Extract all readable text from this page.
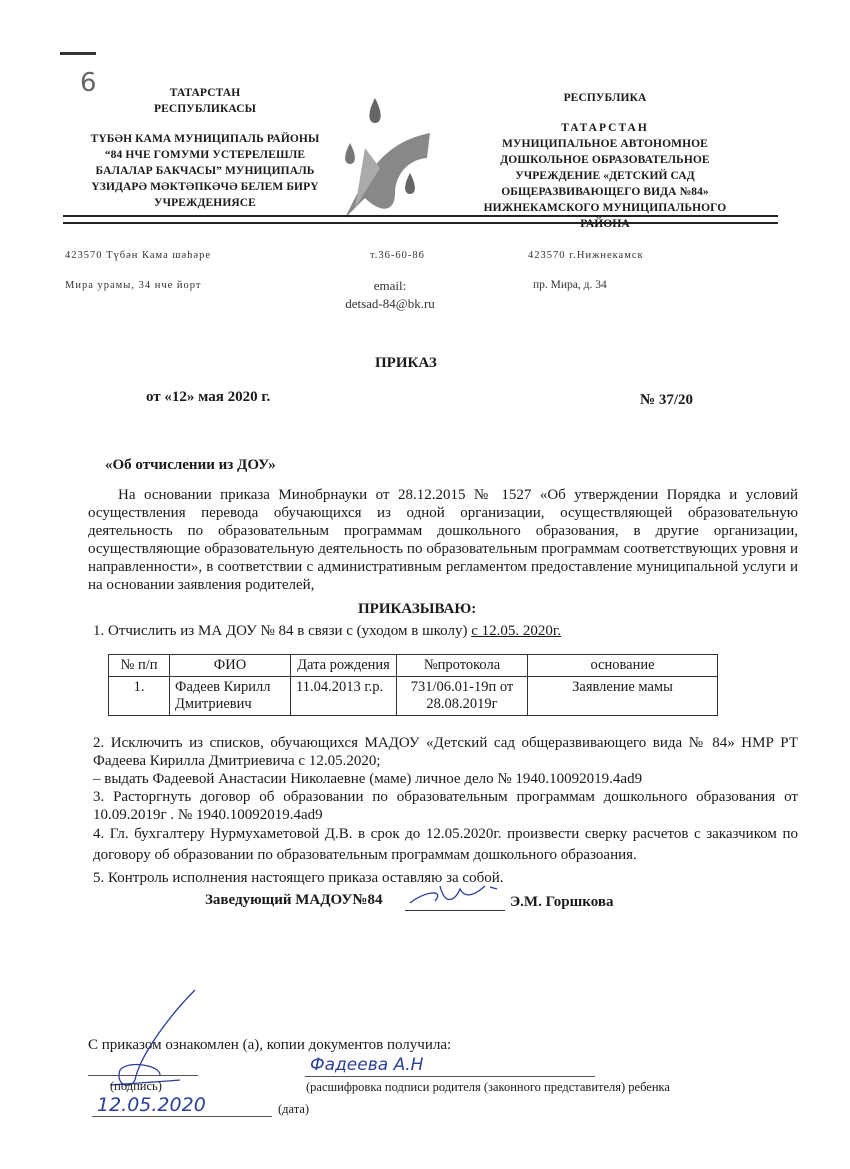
6	ТАТАРСТАН
РЕСПУБЛИКАСЫ
ТҮБӘН КАМА МУНИЦИПАЛЬ РАЙОНЫ
“84 НЧЕ ГОМУМИ УСТЕРЕЛЕШЛЕ
БАЛАЛАР БАКЧАСЫ” МУНИЦИПАЛЬ
ҮЗИДАРӘ МӘКТӘПКӘЧӘ БЕЛЕМ БИРҮ
УЧРЕЖДЕНИЯСЕ
РЕСПУБЛИКА
ТАТАРСТАН
МУНИЦИПАЛЬНОЕ АВТОНОМНОЕ
ДОШКОЛЬНОЕ ОБРАЗОВАТЕЛЬНОЕ
УЧРЕЖДЕНИЕ «ДЕТСКИЙ САД
ОБЩЕРАЗВИВАЮЩЕГО ВИДА №84»
НИЖНЕКАМСКОГО МУНИЦИПАЛЬНОГО
РАЙОНА
423570 Түбән Кама шәһәре
Мира урамы, 34 нче йорт
т.36-60-86
email:
detsad-84@bk.ru
423570 г.Нижнекамск
пр. Мира, д. 34
ПРИКАЗ
от «12» мая 2020 г.	№ 37/20
«Об отчислении из ДОУ»
На основании приказа Минобрнауки от 28.12.2015 № 1527 «Об утверждении Порядка и условий осуществления перевода обучающихся из одной организации, осуществляющей образовательную деятельность по образовательным программам дошкольного образования, в другие организации, осуществляющие образовательную деятельность по образовательным программам соответствующих уровня и направленности», в соответствии с административным регламентом предоставление муниципальной услуги и на основании заявления родителей,
ПРИКАЗЫВАЮ:
1. Отчислить из МА ДОУ № 84 в связи с (уходом в школу) с 12.05. 2020г.
№ п/п	ФИО	Дата рождения	№протокола	основание
1.	Фадеев Кирилл Дмитриевич	11.04.2013 г.р.	731/06.01-19п от 28.08.2019г	Заявление мамы
2. Исключить из списков, обучающихся МАДОУ «Детский сад общеразвивающего вида № 84» НМР РТ Фадеева Кирилла Дмитриевича с 12.05.2020;
– выдать Фадеевой Анастасии Николаевне (маме) личное дело № 1940.10092019.4ad9
3. Расторгнуть договор об образовании по образовательным программам дошкольного образования от 10.09.2019г . № 1940.10092019.4ad9
4. Гл. бухгалтеру Нурмухаметовой Д.В. в срок до 12.05.2020г. произвести сверку расчетов с заказчиком по договору об образовании по образовательным программам дошкольного образоания.
5. Контроль исполнения настоящего приказа оставляю за собой.
Заведующий МАДОУ№84	Э.М. Горшкова
С приказом ознакомлен (а), копии документов получила:
(подпись)
Фадеева А.Н
(расшифровка подписи родителя (законного представителя) ребенка
12.05.2020	(дата)
